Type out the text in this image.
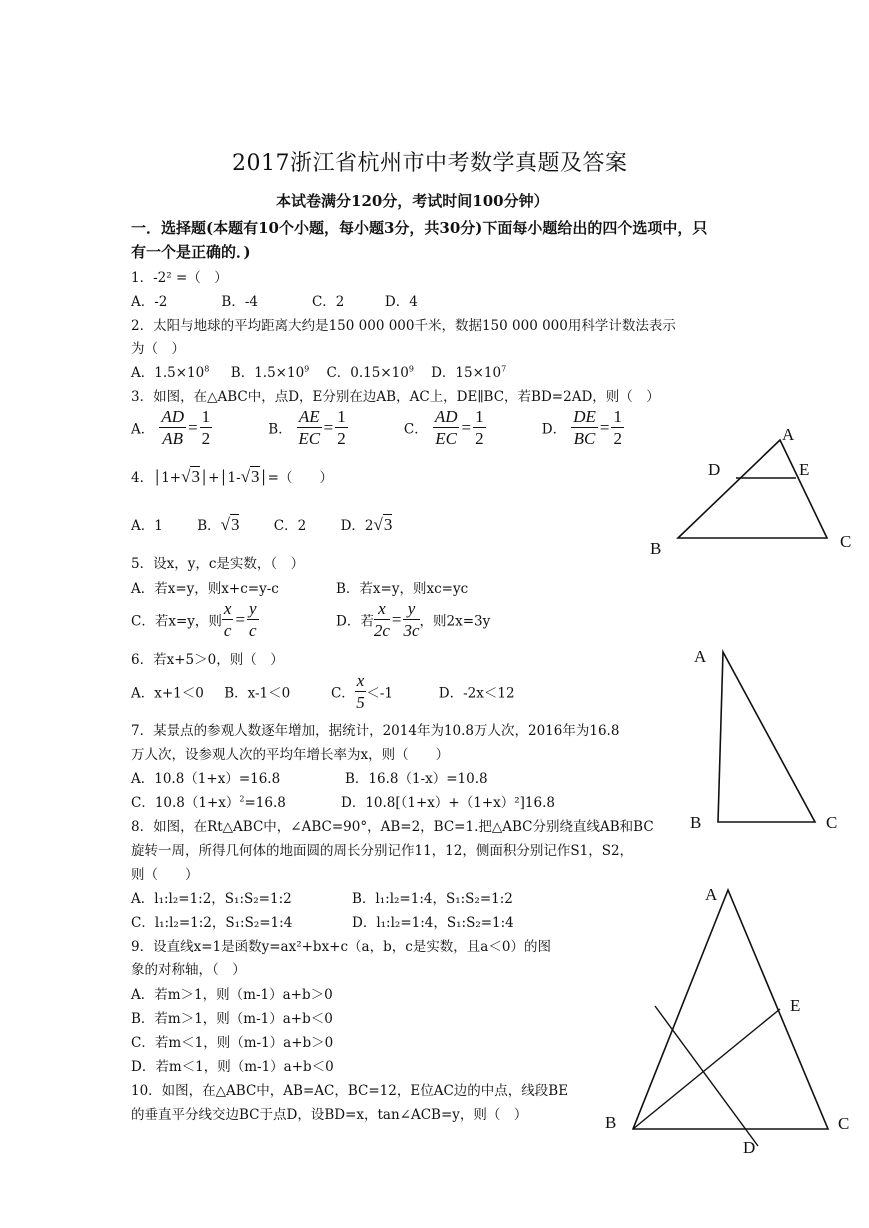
2017浙江省杭州市中考数学真题及答案
本试卷满分120分，考试时间100分钟）
一．选择题(本题有10个小题，每小题3分，共30分)下面每小题给出的四个选项中，只
有一个是正确的．)
1．-2² =（　）
A．-2　　　　B．-4　　　　C．2　　　D．4
2．太阳与地球的平均距离大约是150 000 000千米，数据150 000 000用科学计数法表示
为（　）
A．$1.5\times 10^8$ B．$1.5\times 10^9$ C．$0.15\times 10^9$ D．$15\times 10^7$
3．如图，在△ABC中，点D，E分别在边AB，AC上，DE∥BC，若BD=2AD，则（　）
A． $\frac{AD}{AB} = \frac{1}{2}$	B． $\frac{AE}{EC} = \frac{1}{2}$	C． $\frac{AD}{EC} = \frac{1}{2}$	D． $\frac{DE}{BC} = \frac{1}{2}$	A
D	E
B	C
4．│1+√3│+│1-√3│=（　　）
A．1	B．√3	C．2	D．2√3
5．设x，y，c是实数，（　）
A．若x=y，则x+c=y-c	B．若x=y，则xc=yc
C．若x=y，则 $\frac{x}{c} = \frac{y}{c}$	D．若 $\frac{x}{2c} = \frac{y}{3c}$ ，则2x=3y
6．若x+5＞0，则（　）
A．x+1＜0 B．x-1＜0	C． $\frac{x}{5} <-1$	D．-2x＜12
A
B	C
7．某景点的参观人数逐年增加，据统计，2014年为10.8万人次，2016年为16.8
万人次，设参观人次的平均年增长率为x，则（　　）
A．10.8（1+x）=16.8	B．16.8（1-x）=10.8
C．$10.8(1+x)^2=16.8$	D．10.8[（1+x）+（1+x）²]16.8
8．如图，在Rt△ABC中，∠ABC=90°，AB=2，BC=1.把△ABC分别绕直线AB和BC
旋转一周，所得几何体的地面圆的周长分别记作11，12，侧面积分别记作S1，S2，
则（　　）
A．l₁:l₂=1:2，S₁:S₂=1:2	B．l₁:l₂=1:4，S₁:S₂=1:2
C．l₁:l₂=1:2，S₁:S₂=1:4	D．l₁:l₂=1:4，S₁:S₂=1:4
9．设直线x=1是函数y=ax²+bx+c（a，b，c是实数，且a＜0）的图
象的对称轴，（　）
A．若m＞1，则（m-1）a+b＞0
B．若m＞1，则（m-1）a+b＜0
C．若m＜1，则（m-1）a+b＞0
D．若m＜1，则（m-1）a+b＜0
10．如图，在△ABC中，AB=AC，BC=12，E位AC边的中点，线段BE
的垂直平分线交边BC于点D，设BD=x，tan∠ACB=y，则（　）
A
E
B	C
D
